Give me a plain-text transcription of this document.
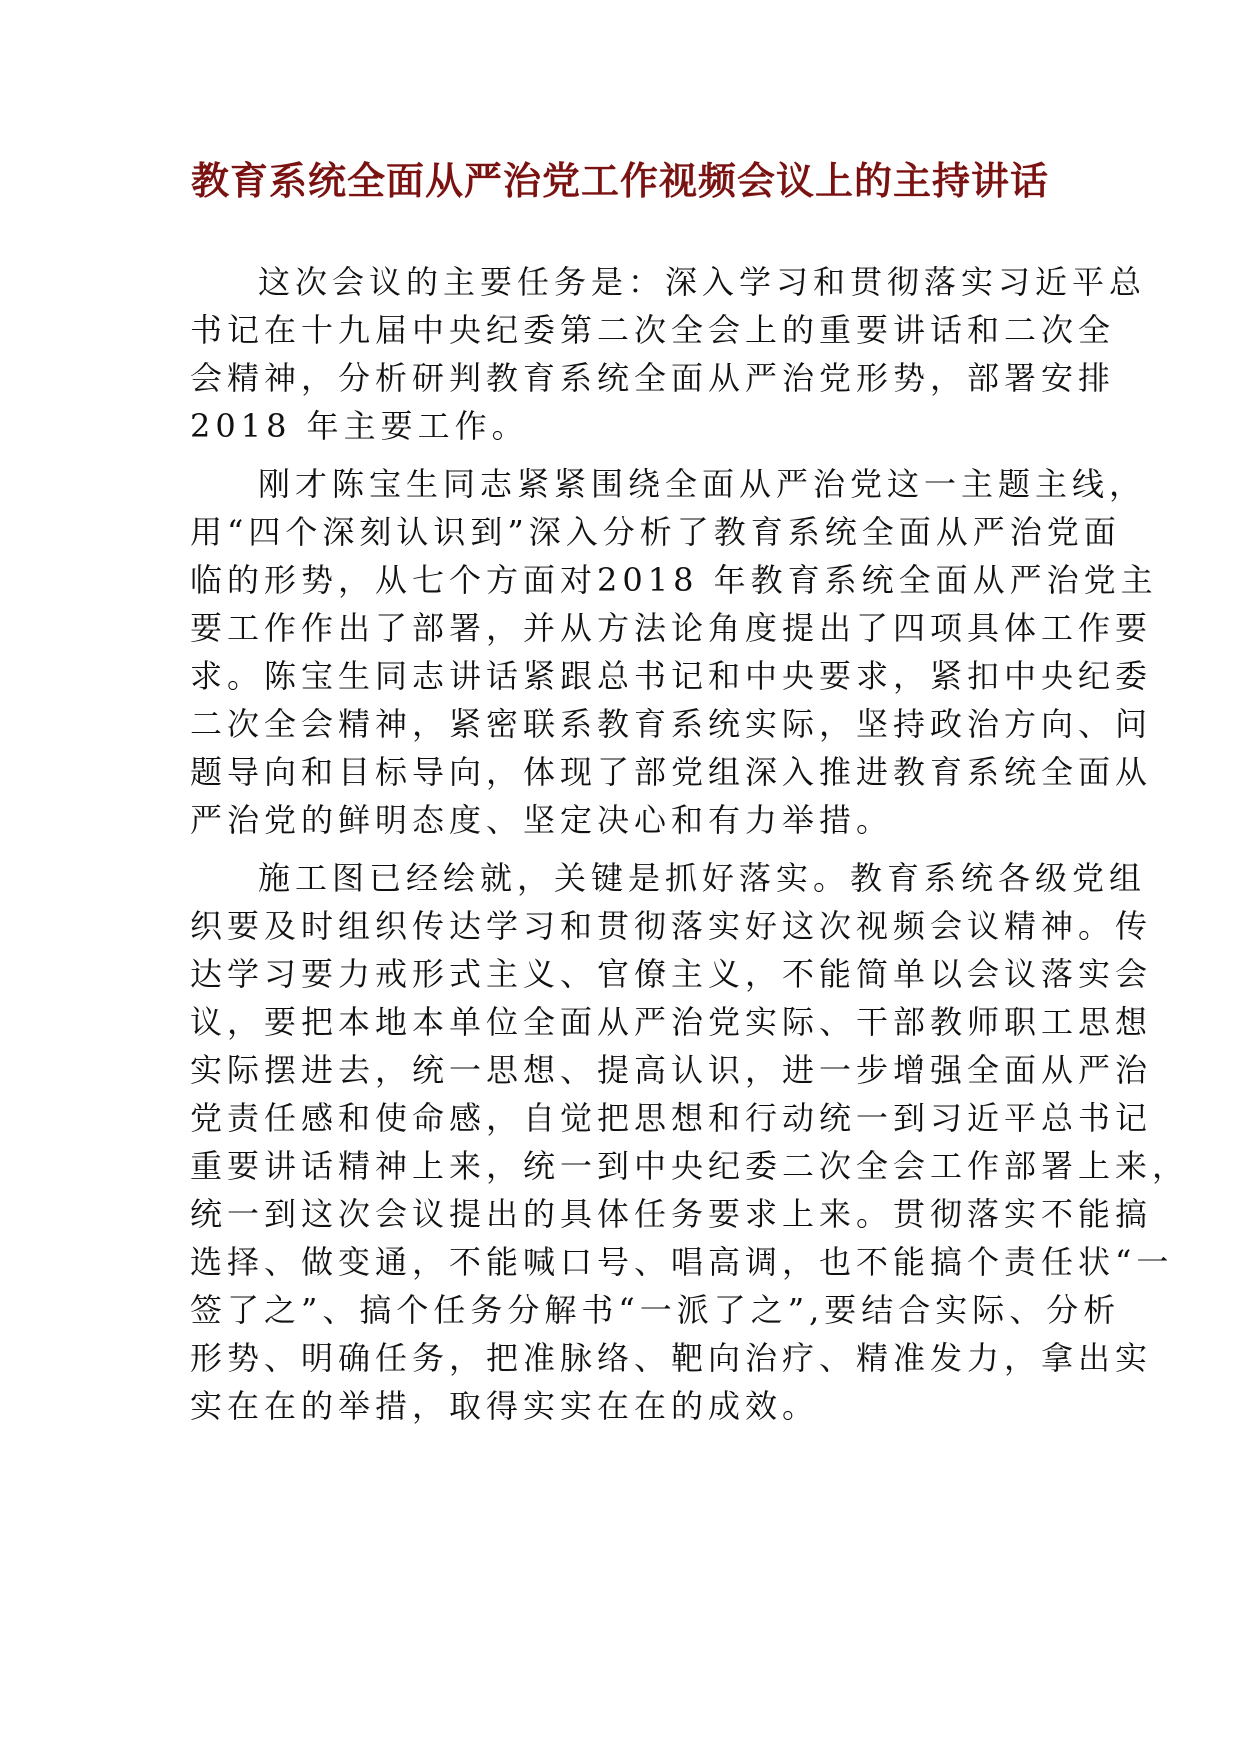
教育系统全面从严治党工作视频会议上的主持讲话

这次会议的主要任务是：深入学习和贯彻落实习近平总
书记在十九届中央纪委第二次全会上的重要讲话和二次全
会精神，分析研判教育系统全面从严治党形势，部署安排
2018 年主要工作。

刚才陈宝生同志紧紧围绕全面从严治党这一主题主线，
用“四个深刻认识到”深入分析了教育系统全面从严治党面
临的形势，从七个方面对2018 年教育系统全面从严治党主
要工作作出了部署，并从方法论角度提出了四项具体工作要
求。陈宝生同志讲话紧跟总书记和中央要求，紧扣中央纪委
二次全会精神，紧密联系教育系统实际，坚持政治方向、问
题导向和目标导向，体现了部党组深入推进教育系统全面从
严治党的鲜明态度、坚定决心和有力举措。

施工图已经绘就，关键是抓好落实。教育系统各级党组
织要及时组织传达学习和贯彻落实好这次视频会议精神。传
达学习要力戒形式主义、官僚主义，不能简单以会议落实会
议，要把本地本单位全面从严治党实际、干部教师职工思想
实际摆进去，统一思想、提高认识，进一步增强全面从严治
党责任感和使命感，自觉把思想和行动统一到习近平总书记
重要讲话精神上来，统一到中央纪委二次全会工作部署上来，
统一到这次会议提出的具体任务要求上来。贯彻落实不能搞
选择、做变通，不能喊口号、唱高调，也不能搞个责任状“一
签了之”、搞个任务分解书“一派了之”,要结合实际、分析
形势、明确任务，把准脉络、靶向治疗、精准发力，拿出实
实在在的举措，取得实实在在的成效。
